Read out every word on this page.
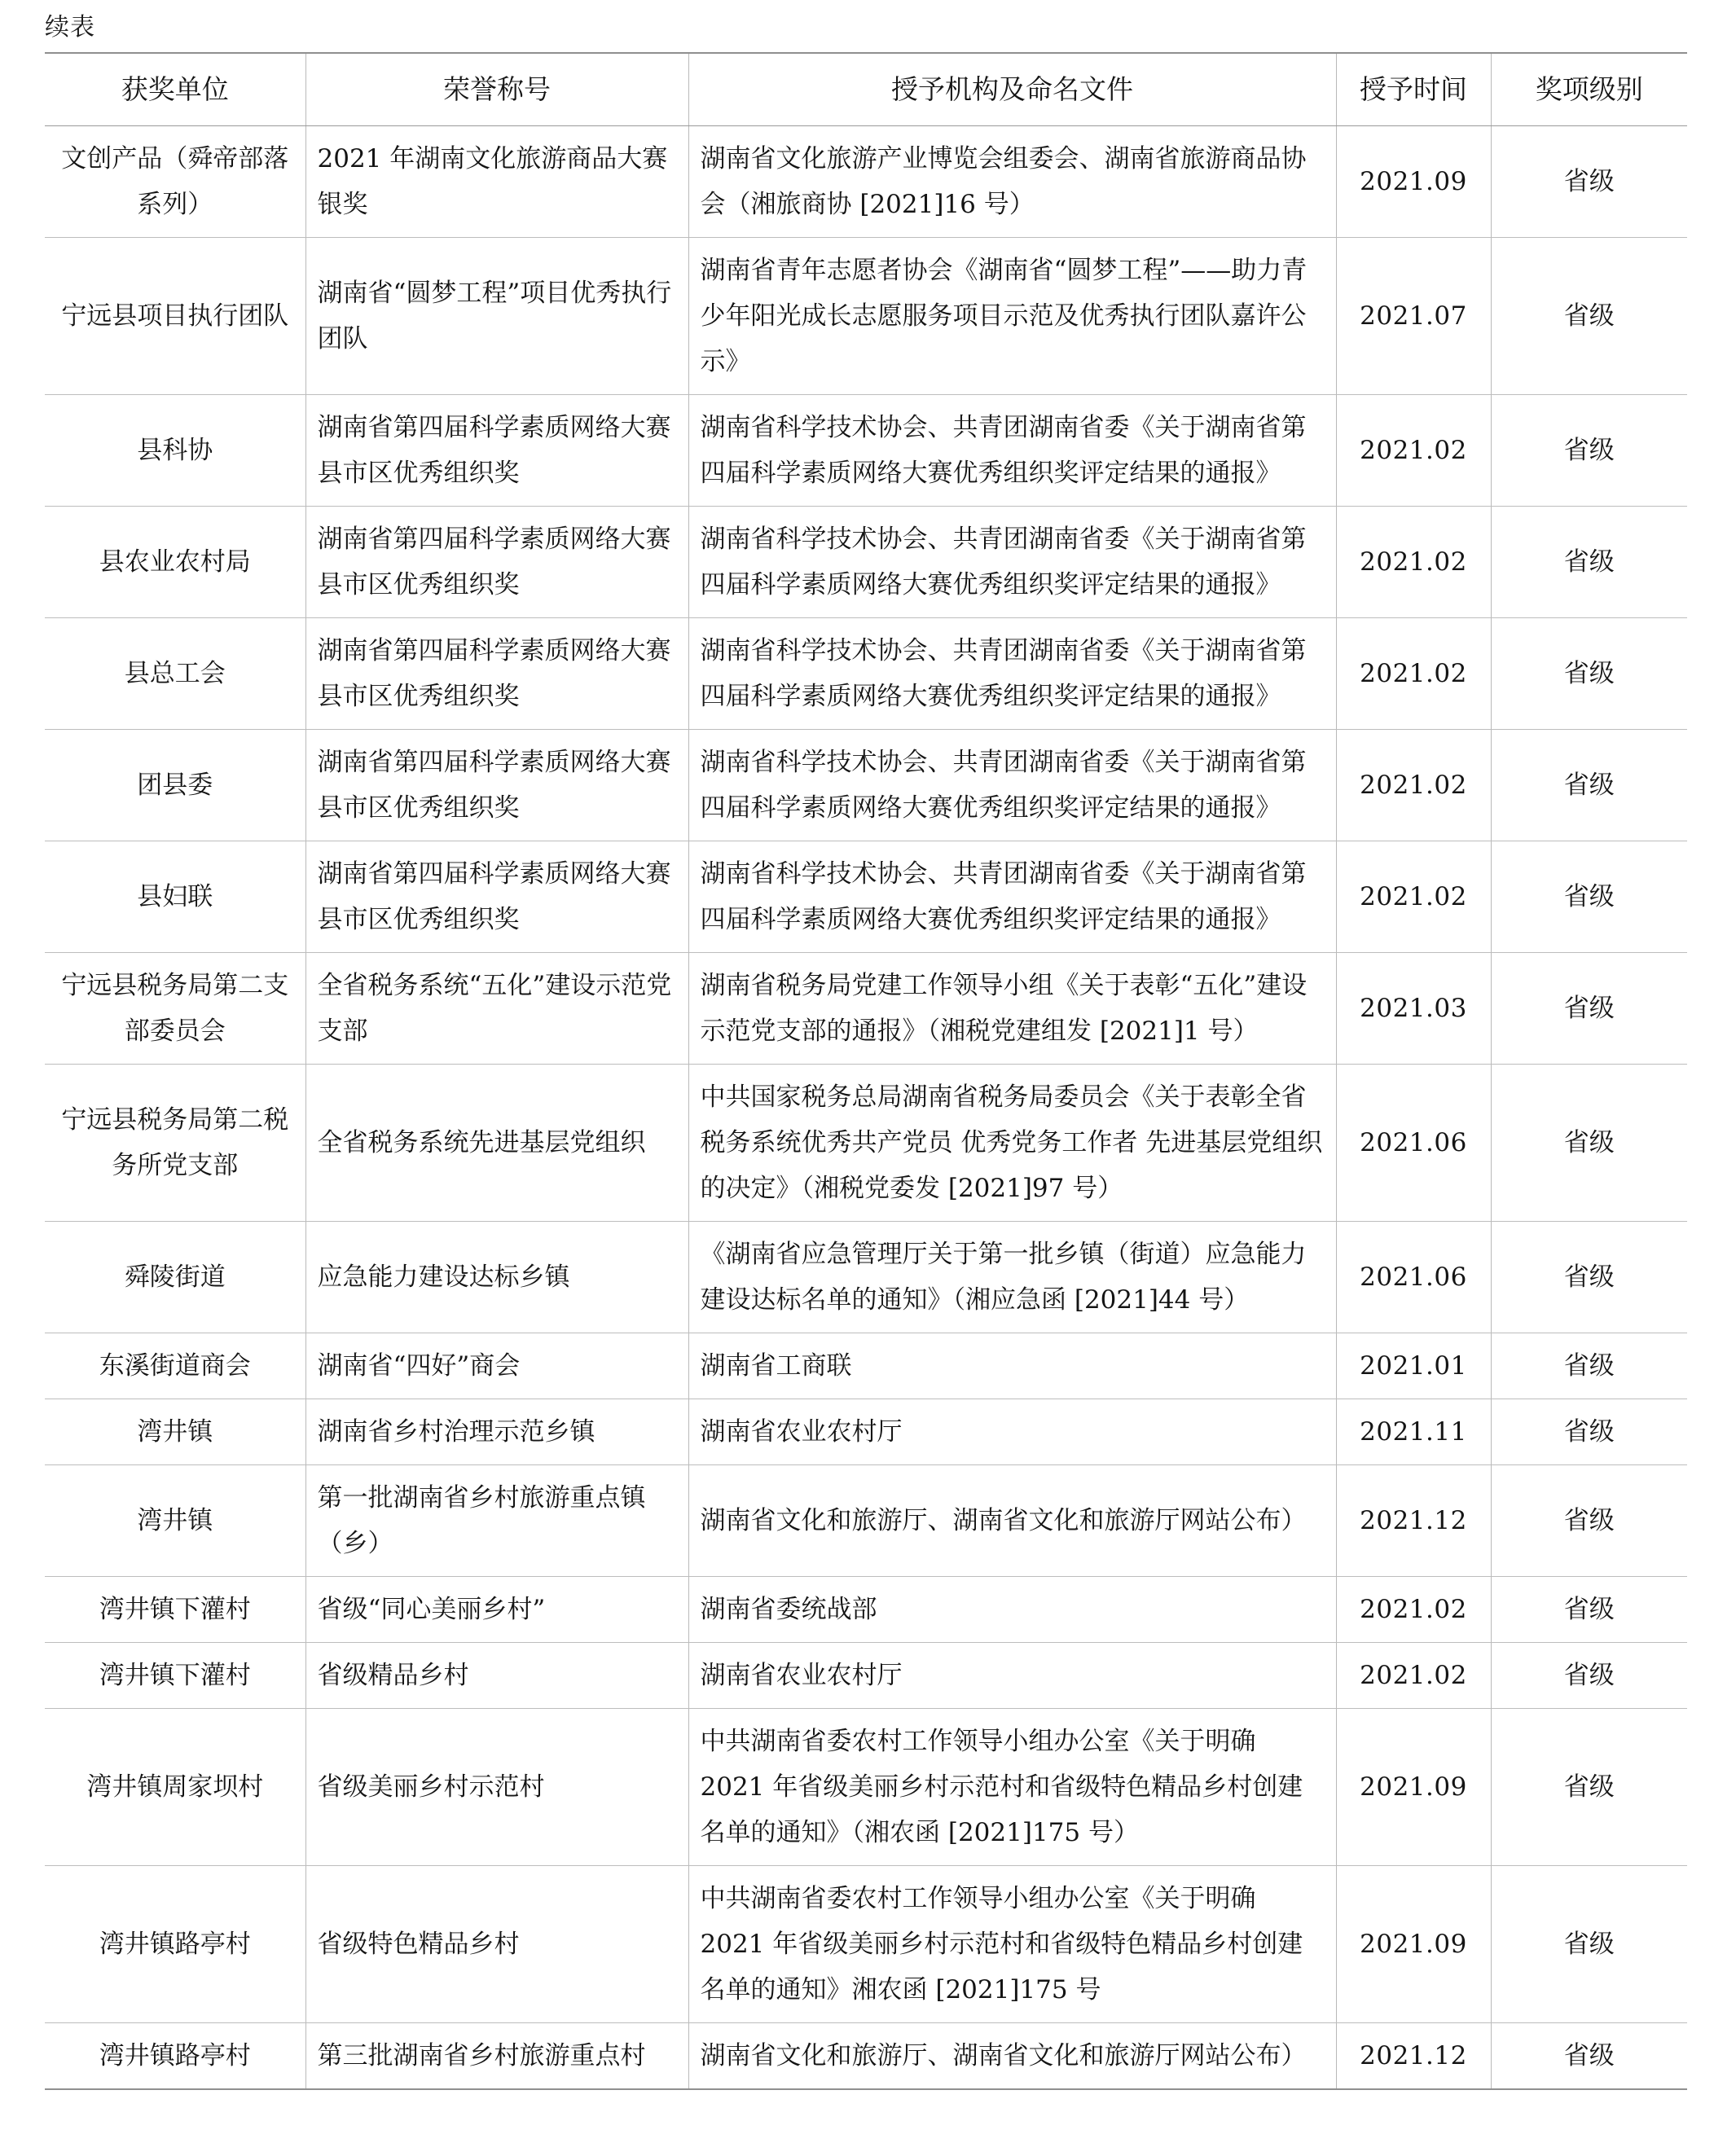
续表
获奖单位	荣誉称号	授予机构及命名文件	授予时间	奖项级别
文创产品（舜帝部落系列）	2021 年湖南文化旅游商品大赛银奖	湖南省文化旅游产业博览会组委会、湖南省旅游商品协会（湘旅商协 [2021]16 号）	2021.09	省级
宁远县项目执行团队	湖南省“圆梦工程”项目优秀执行团队	湖南省青年志愿者协会《湖南省“圆梦工程”——助力青少年阳光成长志愿服务项目示范及优秀执行团队嘉许公示》	2021.07	省级
县科协	湖南省第四届科学素质网络大赛县市区优秀组织奖	湖南省科学技术协会、共青团湖南省委《关于湖南省第四届科学素质网络大赛优秀组织奖评定结果的通报》	2021.02	省级
县农业农村局	湖南省第四届科学素质网络大赛县市区优秀组织奖	湖南省科学技术协会、共青团湖南省委《关于湖南省第四届科学素质网络大赛优秀组织奖评定结果的通报》	2021.02	省级
县总工会	湖南省第四届科学素质网络大赛县市区优秀组织奖	湖南省科学技术协会、共青团湖南省委《关于湖南省第四届科学素质网络大赛优秀组织奖评定结果的通报》	2021.02	省级
团县委	湖南省第四届科学素质网络大赛县市区优秀组织奖	湖南省科学技术协会、共青团湖南省委《关于湖南省第四届科学素质网络大赛优秀组织奖评定结果的通报》	2021.02	省级
县妇联	湖南省第四届科学素质网络大赛县市区优秀组织奖	湖南省科学技术协会、共青团湖南省委《关于湖南省第四届科学素质网络大赛优秀组织奖评定结果的通报》	2021.02	省级
宁远县税务局第二支部委员会	全省税务系统“五化”建设示范党支部	湖南省税务局党建工作领导小组《关于表彰“五化”建设示范党支部的通报》（湘税党建组发 [2021]1 号）	2021.03	省级
宁远县税务局第二税务所党支部	全省税务系统先进基层党组织	中共国家税务总局湖南省税务局委员会《关于表彰全省税务系统优秀共产党员 优秀党务工作者 先进基层党组织的决定》（湘税党委发 [2021]97 号）	2021.06	省级
舜陵街道	应急能力建设达标乡镇	《湖南省应急管理厅关于第一批乡镇（街道）应急能力建设达标名单的通知》（湘应急函 [2021]44 号）	2021.06	省级
东溪街道商会	湖南省“四好”商会	湖南省工商联	2021.01	省级
湾井镇	湖南省乡村治理示范乡镇	湖南省农业农村厅	2021.11	省级
湾井镇	第一批湖南省乡村旅游重点镇（乡）	湖南省文化和旅游厅、湖南省文化和旅游厅网站公布）	2021.12	省级
湾井镇下灌村	省级“同心美丽乡村”	湖南省委统战部	2021.02	省级
湾井镇下灌村	省级精品乡村	湖南省农业农村厅	2021.02	省级
湾井镇周家坝村	省级美丽乡村示范村	中共湖南省委农村工作领导小组办公室《关于明确 2021 年省级美丽乡村示范村和省级特色精品乡村创建名单的通知》（湘农函 [2021]175 号）	2021.09	省级
湾井镇路亭村	省级特色精品乡村	中共湖南省委农村工作领导小组办公室《关于明确 2021 年省级美丽乡村示范村和省级特色精品乡村创建名单的通知》湘农函 [2021]175 号	2021.09	省级
湾井镇路亭村	第三批湖南省乡村旅游重点村	湖南省文化和旅游厅、湖南省文化和旅游厅网站公布）	2021.12	省级
